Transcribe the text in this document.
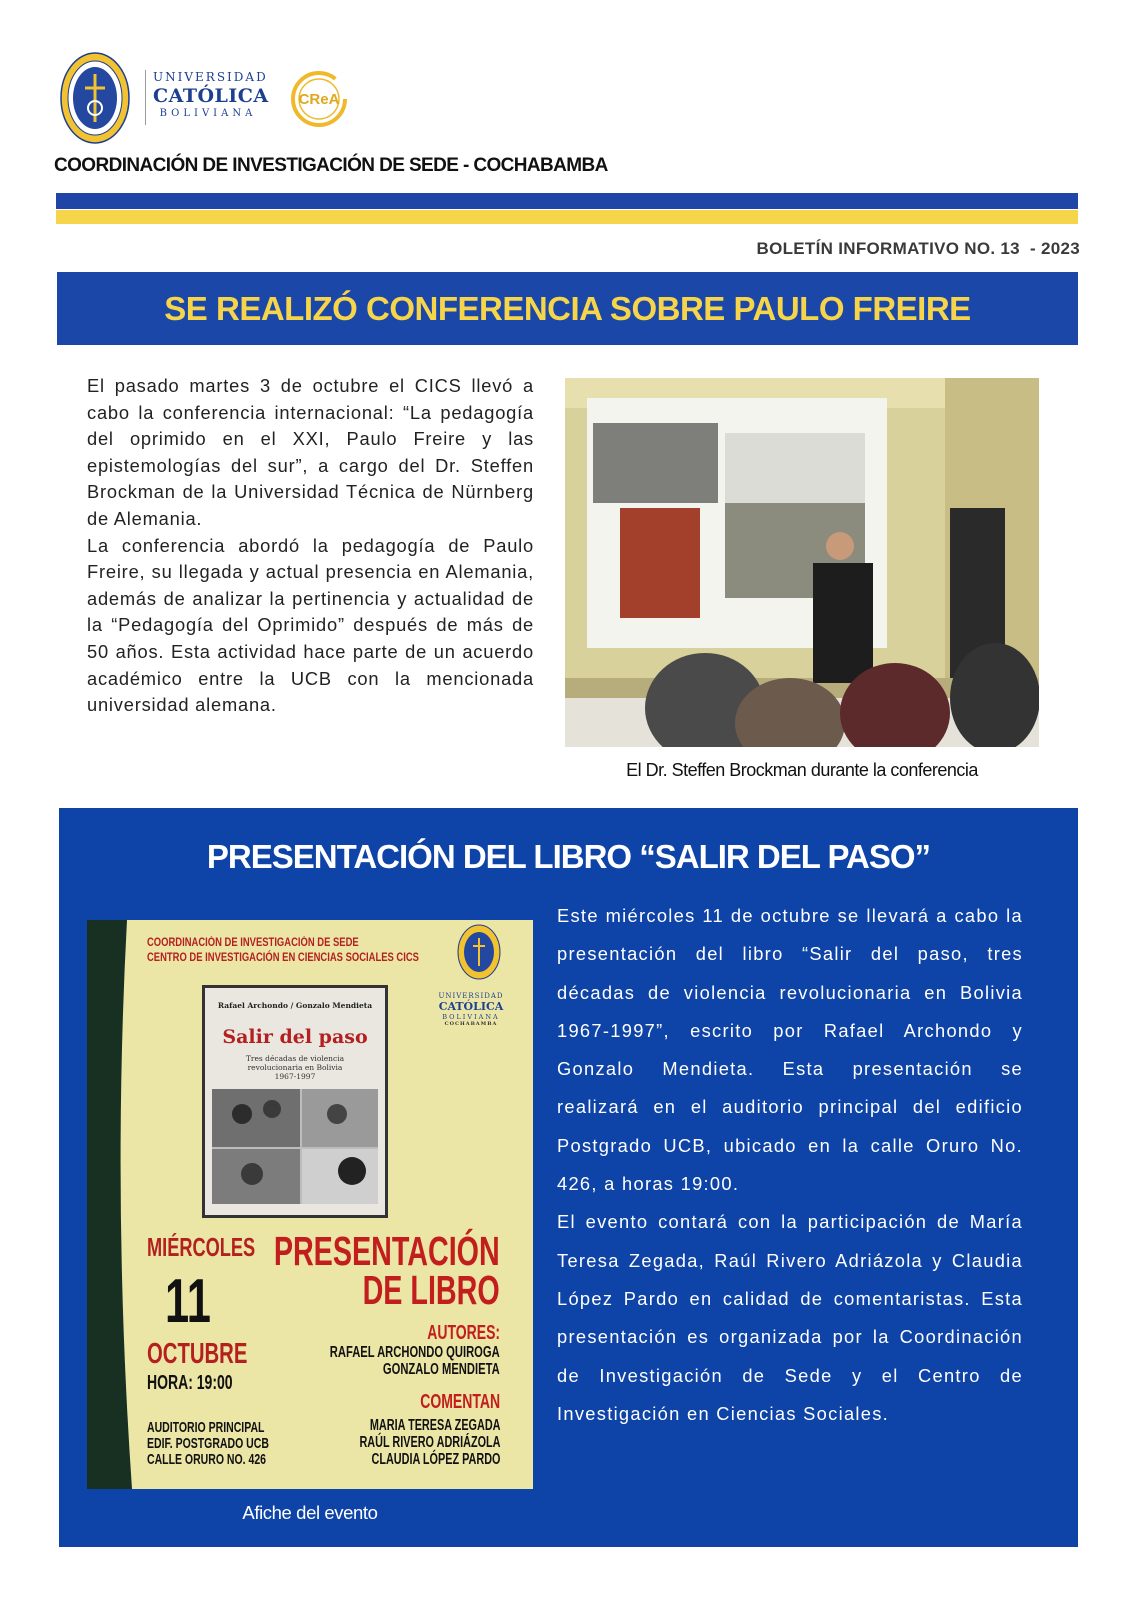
UNIVERSIDAD
CATÓLICA
BOLIVIANA
CReA
COORDINACIÓN DE INVESTIGACIÓN DE SEDE - COCHABAMBA
BOLETÍN INFORMATIVO NO. 13  - 2023
SE REALIZÓ CONFERENCIA SOBRE PAULO FREIRE

El pasado martes 3 de octubre el CICS llevó a cabo la conferencia internacional: “La pedagogía del oprimido en el XXI, Paulo Freire y las epistemologías del sur”, a cargo del Dr. Steffen Brockman de la Universidad Técnica de Nürnberg de Alemania.

La conferencia abordó la pedagogía de Paulo Freire, su llegada y actual presencia en Alemania, además de analizar la pertinencia y actualidad de la “Pedagogía del Oprimido” después de más de 50 años. Esta actividad hace parte de un acuerdo académico entre la UCB con la mencionada universidad alemana.

El Dr. Steffen Brockman durante la conferencia
PRESENTACIÓN DEL LIBRO “SALIR DEL PASO”
COORDINACIÓN DE INVESTIGACIÓN DE SEDE
CENTRO DE INVESTIGACIÓN EN CIENCIAS SOCIALES CICS
UNIVERSIDAD
CATÓLICA
BOLIVIANA
COCHABAMBA
Rafael Archondo / Gonzalo Mendieta
Salir del paso
Tres décadas de violencia
revolucionaria en Bolivia
1967-1997
MIÉRCOLES
11
OCTUBRE
HORA: 19:00
AUDITORIO PRINCIPAL
EDIF. POSTGRADO UCB
CALLE ORURO NO. 426
PRESENTACIÓN
DE LIBRO
AUTORES:
RAFAEL ARCHONDO QUIROGA
GONZALO MENDIETA
COMENTAN
MARIA TERESA ZEGADA
RAÚL RIVERO ADRIÁZOLA
CLAUDIA LÓPEZ PARDO
Afiche del evento

Este miércoles 11 de octubre se llevará a cabo la presentación del libro “Salir del paso, tres décadas de violencia revolucionaria en Bolivia 1967-1997”, escrito por Rafael Archondo y Gonzalo Mendieta. Esta presentación se realizará en el auditorio principal del edificio Postgrado UCB, ubicado en la calle Oruro No. 426, a horas 19:00.

El evento contará con la participación de María Teresa Zegada, Raúl Rivero Adriázola y Claudia López Pardo en calidad de comentaristas. Esta presentación es organizada por la Coordinación de Investigación de Sede y el Centro de Investigación en Ciencias Sociales.
